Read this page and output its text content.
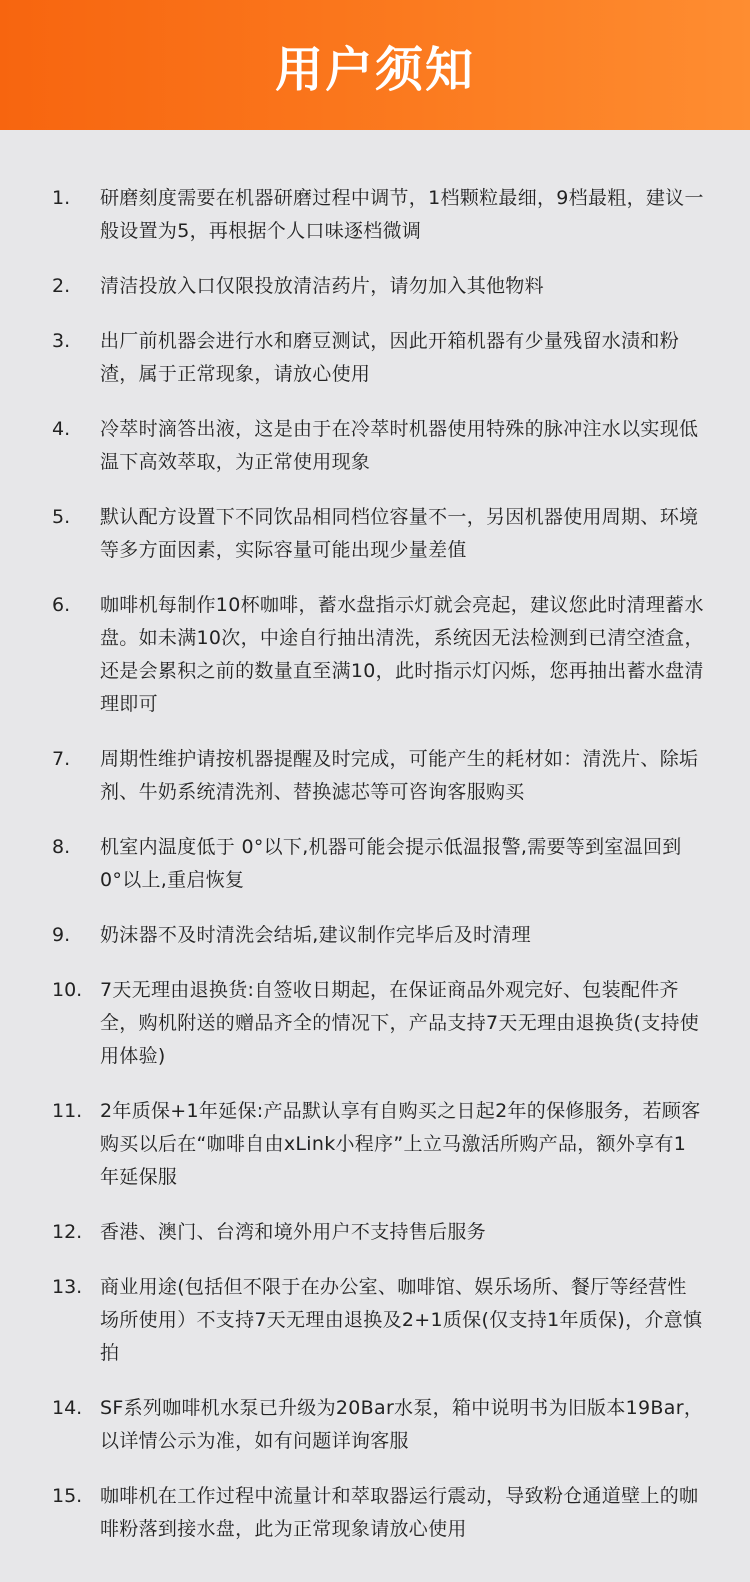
用户须知
1.	研磨刻度需要在机器研磨过程中调节，1档颗粒最细，9档最粗，建议一般设置为5，再根据个人口味逐档微调
2.	清洁投放入口仅限投放清洁药片，请勿加入其他物料
3.	出厂前机器会进行水和磨豆测试，因此开箱机器有少量残留水渍和粉渣，属于正常现象，请放心使用
4.	冷萃时滴答出液，这是由于在冷萃时机器使用特殊的脉冲注水以实现低温下高效萃取，为正常使用现象
5.	默认配方设置下不同饮品相同档位容量不一，另因机器使用周期、环境等多方面因素，实际容量可能出现少量差值
6.	咖啡机每制作10杯咖啡，蓄水盘指示灯就会亮起，建议您此时清理蓄水盘。如未满10次，中途自行抽出清洗，系统因无法检测到已清空渣盒，还是会累积之前的数量直至满10，此时指示灯闪烁，您再抽出蓄水盘清理即可
7.	周期性维护请按机器提醒及时完成，可能产生的耗材如：清洗片、除垢剂、牛奶系统清洗剂、替换滤芯等可咨询客服购买
8.	机室内温度低于 0°以下,机器可能会提示低温报警,需要等到室温回到 0°以上,重启恢复
9.	奶沫器不及时清洗会结垢,建议制作完毕后及时清理
10. 7天无理由退换货:自签收日期起，在保证商品外观完好、包装配件齐全，购机附送的赠品齐全的情况下，产品支持7天无理由退换货(支持使用体验)
11. 2年质保+1年延保:产品默认享有自购买之日起2年的保修服务，若顾客购买以后在“咖啡自由xLink小程序”上立马激活所购产品，额外享有1年延保服
12. 香港、澳门、台湾和境外用户不支持售后服务
13. 商业用途(包括但不限于在办公室、咖啡馆、娱乐场所、餐厅等经营性场所使用）不支持7天无理由退换及2+1质保(仅支持1年质保)，介意慎拍
14. SF系列咖啡机水泵已升级为20Bar水泵，箱中说明书为旧版本19Bar，以详情公示为准，如有问题详询客服
15. 咖啡机在工作过程中流量计和萃取器运行震动，导致粉仓通道壁上的咖啡粉落到接水盘，此为正常现象请放心使用
